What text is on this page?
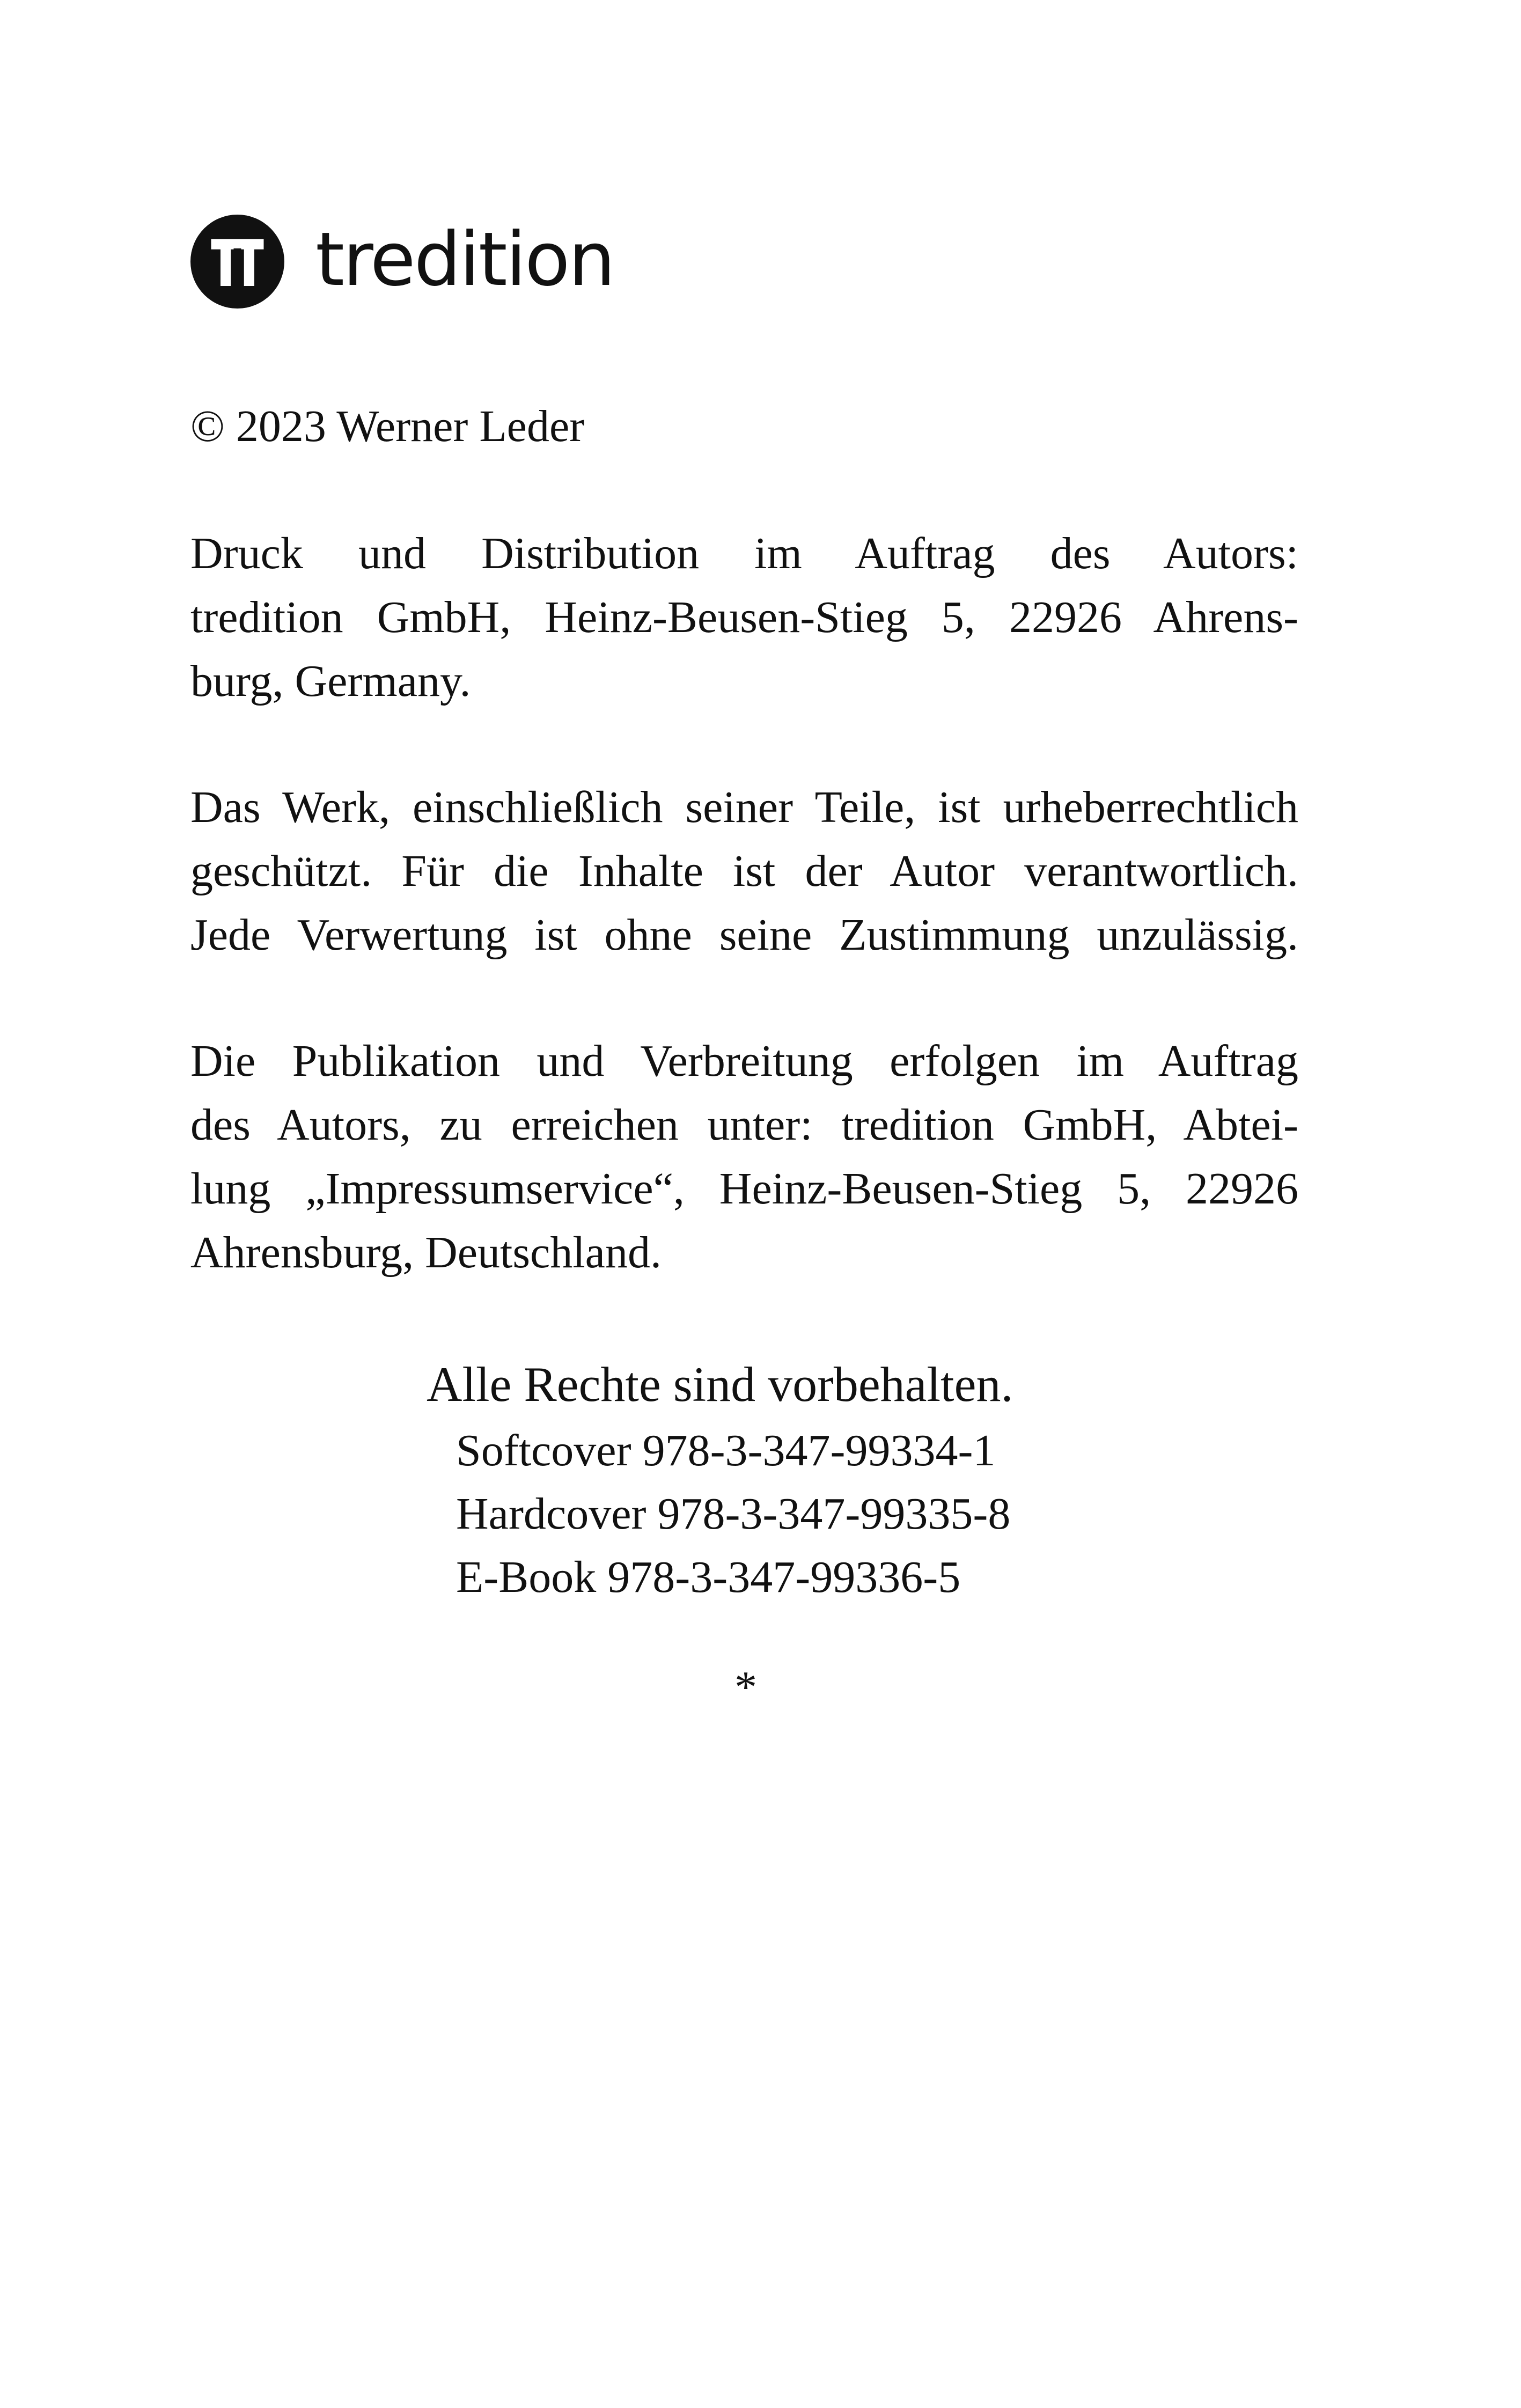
tredition
© 2023 Werner Leder
Druck und Distribution im Auftrag des Autors:
tredition GmbH, Heinz-Beusen-Stieg 5, 22926 Ahrens-
burg, Germany.
Das Werk, einschließlich seiner Teile, ist urheberrechtlich
geschützt. Für die Inhalte ist der Autor verantwortlich.
Jede Verwertung ist ohne seine Zustimmung unzulässig.
Die Publikation und Verbreitung erfolgen im Auftrag
des Autors, zu erreichen unter: tredition GmbH, Abtei-
lung „Impressumservice“, Heinz-Beusen-Stieg 5, 22926
Ahrensburg, Deutschland.
Alle Rechte sind vorbehalten.
Softcover 978-3-347-99334-1
Hardcover 978-3-347-99335-8
E-Book 978-3-347-99336-5
*
